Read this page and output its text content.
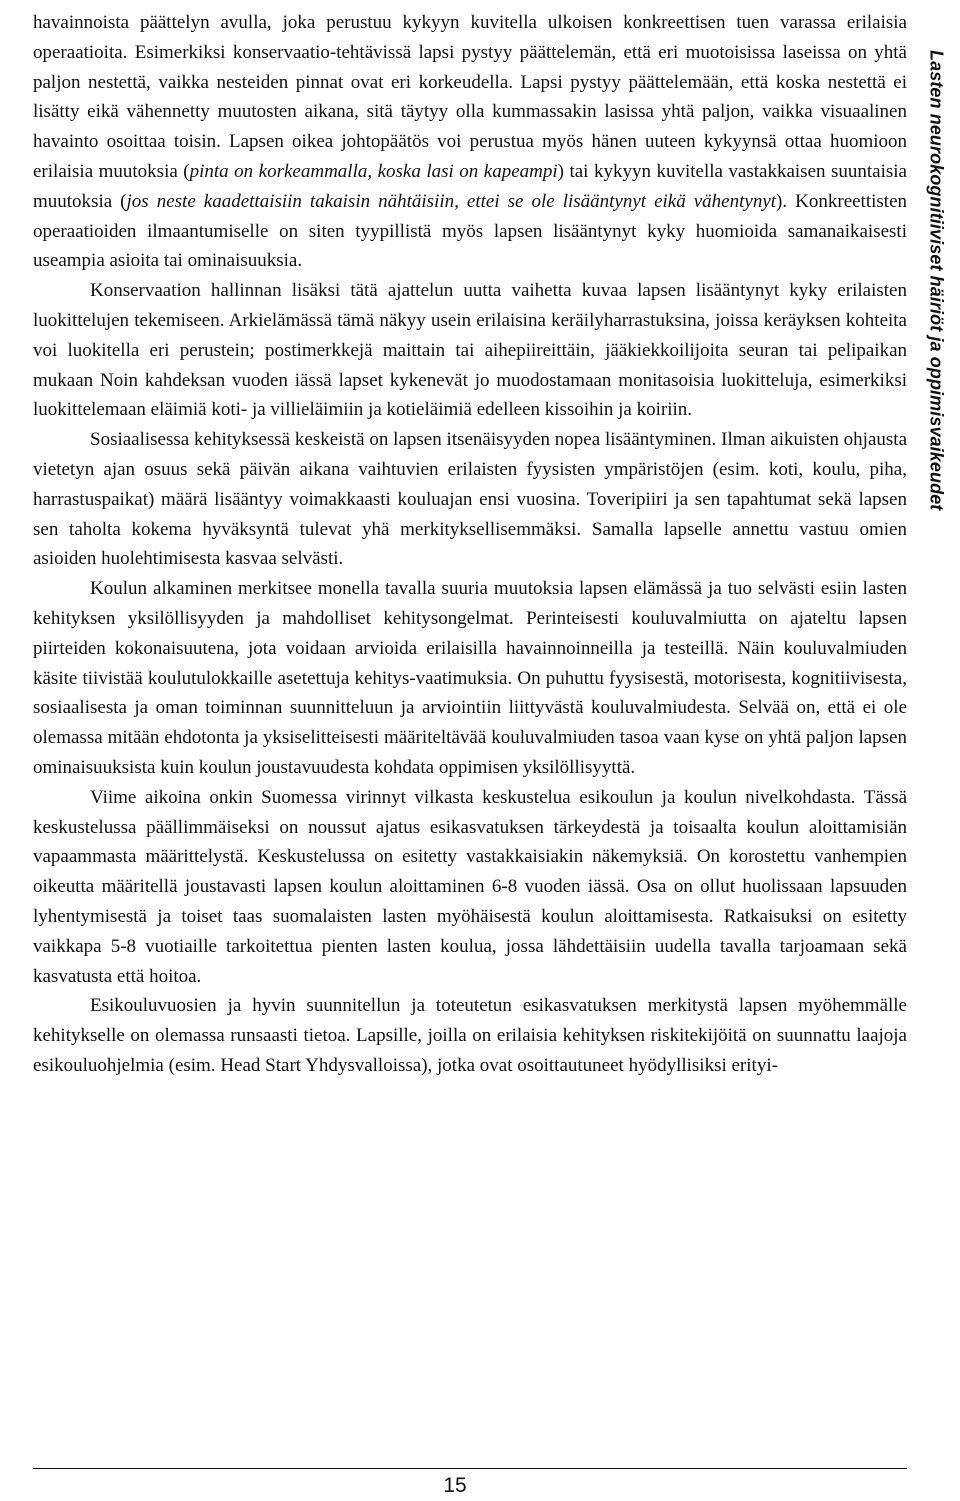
havainnoista päättelyn avulla, joka perustuu kykyyn kuvitella ulkoisen konkreettisen tuen varassa erilaisia operaatioita. Esimerkiksi konservaatio-tehtävissä lapsi pystyy päättelemän, että eri muotoisissa laseissa on yhtä paljon nestettä, vaikka nesteiden pinnat ovat eri korkeudella. Lapsi pystyy päättelemään, että koska nestettä ei lisätty eikä vähennetty muutosten aikana, sitä täytyy olla kummassakin lasissa yhtä paljon, vaikka visuaalinen havainto osoittaa toisin. Lapsen oikea johtopäätös voi perustua myös hänen uuteen kykyynsä ottaa huomioon erilaisia muutoksia (pinta on korkeammalla, koska lasi on kapeampi) tai kykyyn kuvitella vastakkaisen suuntaisia muutoksia (jos neste kaadettaisiin takaisin nähtäisiin, ettei se ole lisääntynyt eikä vähentynyt). Konkreettisten operaatioiden ilmaantumiselle on siten tyypillistä myös lapsen lisääntynyt kyky huomioida samanaikaisesti useampia asioita tai ominaisuuksia.

Konservaation hallinnan lisäksi tätä ajattelun uutta vaihetta kuvaa lapsen lisääntynyt kyky erilaisten luokittelujen tekemiseen. Arkielämässä tämä näkyy usein erilaisina keräilyharrastuksina, joissa keräyksen kohteita voi luokitella eri perustein; postimerkkejä maittain tai aihepiireittäin, jääkiekkoilijoita seuran tai pelipaikan mukaan Noin kahdeksan vuoden iässä lapset kykenevät jo muodostamaan monitasoisia luokitteluja, esimerkiksi luokittelemaan eläimiä koti- ja villieläimiin ja kotieläimiä edelleen kissoihin ja koiriin.

Sosiaalisessa kehityksessä keskeistä on lapsen itsenäisyyden nopea lisääntyminen. Ilman aikuisten ohjausta vietetyn ajan osuus sekä päivän aikana vaihtuvien erilaisten fyysisten ympäristöjen (esim. koti, koulu, piha, harrastuspaikat) määrä lisääntyy voimakkaasti kouluajan ensi vuosina. Toveripiiri ja sen tapahtumat sekä lapsen sen taholta kokema hyväksyntä tulevat yhä merkityksellisemmäksi. Samalla lapselle annettu vastuu omien asioiden huolehtimisesta kasvaa selvästi.

Koulun alkaminen merkitsee monella tavalla suuria muutoksia lapsen elämässä ja tuo selvästi esiin lasten kehityksen yksilöllisyyden ja mahdolliset kehitysongelmat. Perinteisesti kouluvalmiutta on ajateltu lapsen piirteiden kokonaisuutena, jota voidaan arvioida erilaisilla havainnoinneilla ja testeillä. Näin kouluvalmiuden käsite tiivistää koulutulokkaille asetettuja kehitys-vaatimuksia. On puhuttu fyysisestä, motorisesta, kognitiivisesta, sosiaalisesta ja oman toiminnan suunnitteluun ja arviointiin liittyvästä kouluvalmiudesta. Selvää on, että ei ole olemassa mitään ehdotonta ja yksiselitteisesti määriteltävää kouluvalmiuden tasoa vaan kyse on yhtä paljon lapsen ominaisuuksista kuin koulun joustavuudesta kohdata oppimisen yksilöllisyyttä.

Viime aikoina onkin Suomessa virinnyt vilkasta keskustelua esikoulun ja koulun nivelkohdasta. Tässä keskustelussa päällimmäiseksi on noussut ajatus esikasvatuksen tärkeydestä ja toisaalta koulun aloittamisiän vapaammasta määrittelystä. Keskustelussa on esitetty vastakkaisiakin näkemyksiä. On korostettu vanhempien oikeutta määritellä joustavasti lapsen koulun aloittaminen 6-8 vuoden iässä. Osa on ollut huolissaan lapsuuden lyhentymisestä ja toiset taas suomalaisten lasten myöhäisestä koulun aloittamisesta. Ratkaisuksi on esitetty vaikkapa 5-8 vuotiaille tarkoitettua pienten lasten koulua, jossa lähdettäisiin uudella tavalla tarjoamaan sekä kasvatusta että hoitoa.

Esikouluvuosien ja hyvin suunnitellun ja toteutetun esikasvatuksen merkitystä lapsen myöhemmälle kehitykselle on olemassa runsaasti tietoa. Lapsille, joilla on erilaisia kehityksen riskitekijöitä on suunnattu laajoja esikouluohjelmia (esim. Head Start Yhdysvalloissa), jotka ovat osoittautuneet hyödyllisiksi erityi-

Lasten neurokognitiiviset häiriöt ja oppimisvaikeudet
15
